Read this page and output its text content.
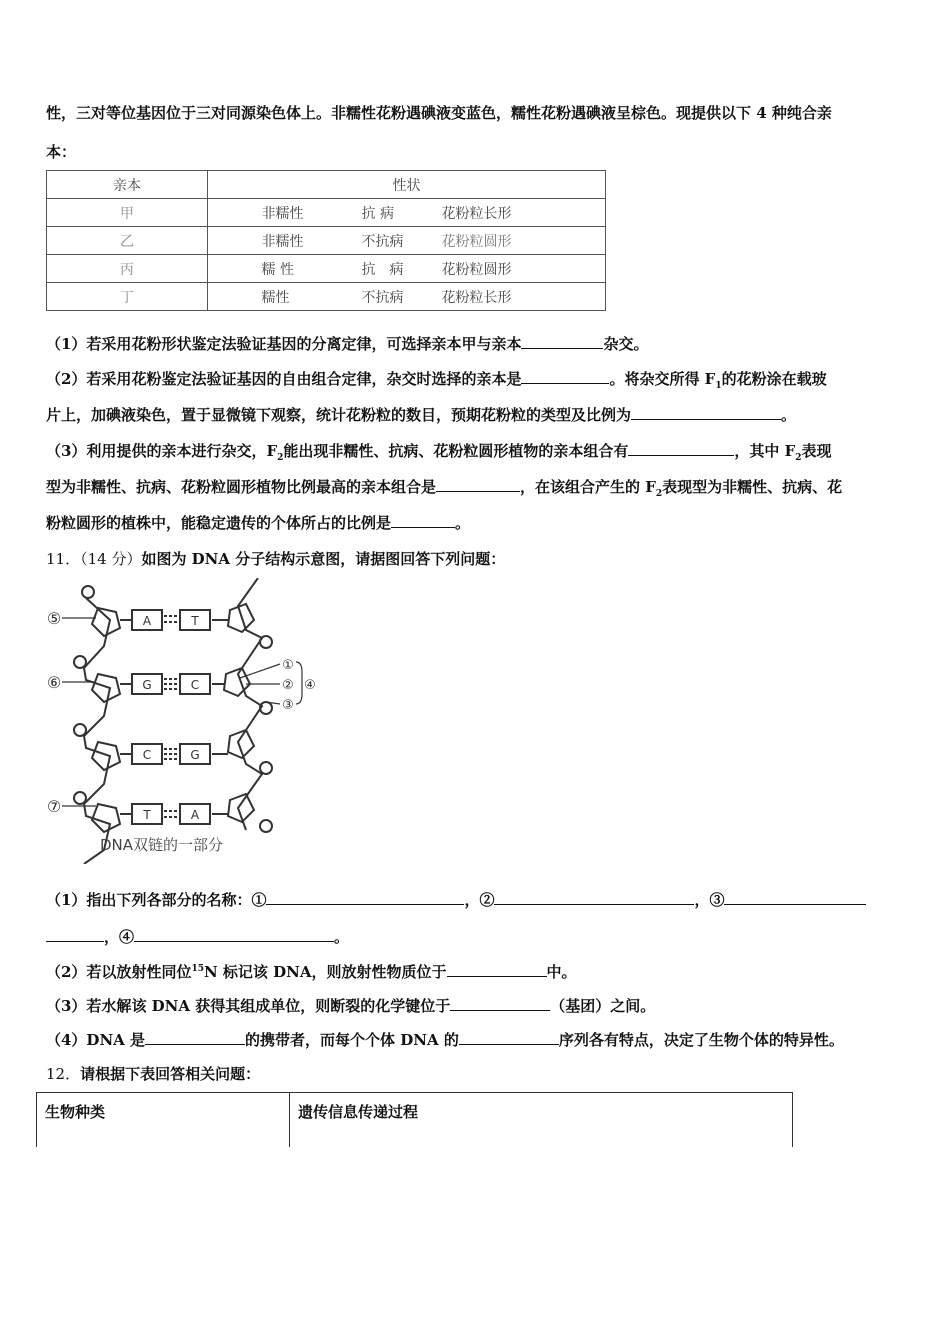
性，三对等位基因位于三对同源染色体上。非糯性花粉遇碘液变蓝色，糯性花粉遇碘液呈棕色。现提供以下 4 种纯合亲
本：
亲本	性状
甲	非糯性 抗 病 花粉粒长形
乙	非糯性 不抗病 花粉粒圆形
丙	糯 性 抗　病 花粉粒圆形
丁	糯性 不抗病 花粉粒长形
（1）若采用花粉形状鉴定法验证基因的分离定律，可选择亲本甲与亲本	杂交。
（2）若采用花粉鉴定法验证基因的自由组合定律，杂交时选择的亲本是	。将杂交所得 $F_1$的花粉涂在载玻
片上，加碘液染色，置于显微镜下观察，统计花粉粒的数目，预期花粉粒的类型及比例为	。
（3）利用提供的亲本进行杂交，$F_2$能出现非糯性、抗病、花粉粒圆形植物的亲本组合有	，其中 $F_2$表现
型为非糯性、抗病、花粉粒圆形植物比例最高的亲本组合是	，在该组合产生的 $F_2$表现型为非糯性、抗病、花
粉粒圆形的植株中，能稳定遗传的个体所占的比例是	。
11．（14 分）如图为 DNA 分子结构示意图，请据图回答下列问题：
A	T
G	C
C	G
T	A
⑤
⑥
⑦
①
②
③
④
DNA双链的一部分
（1）指出下列各部分的名称：①	，②	，③
，④	。
（2）若以放射性同位$^{15}$N 标记该 DNA，则放射性物质位于	中。
（3）若水解该 DNA 获得其组成单位，则断裂的化学键位于	（基团）之间。
（4）DNA 是	的携带者，而每个个体 DNA 的	序列各有特点，决定了生物个体的特异性。
12．请根据下表回答相关问题：
生物种类	遗传信息传递过程
